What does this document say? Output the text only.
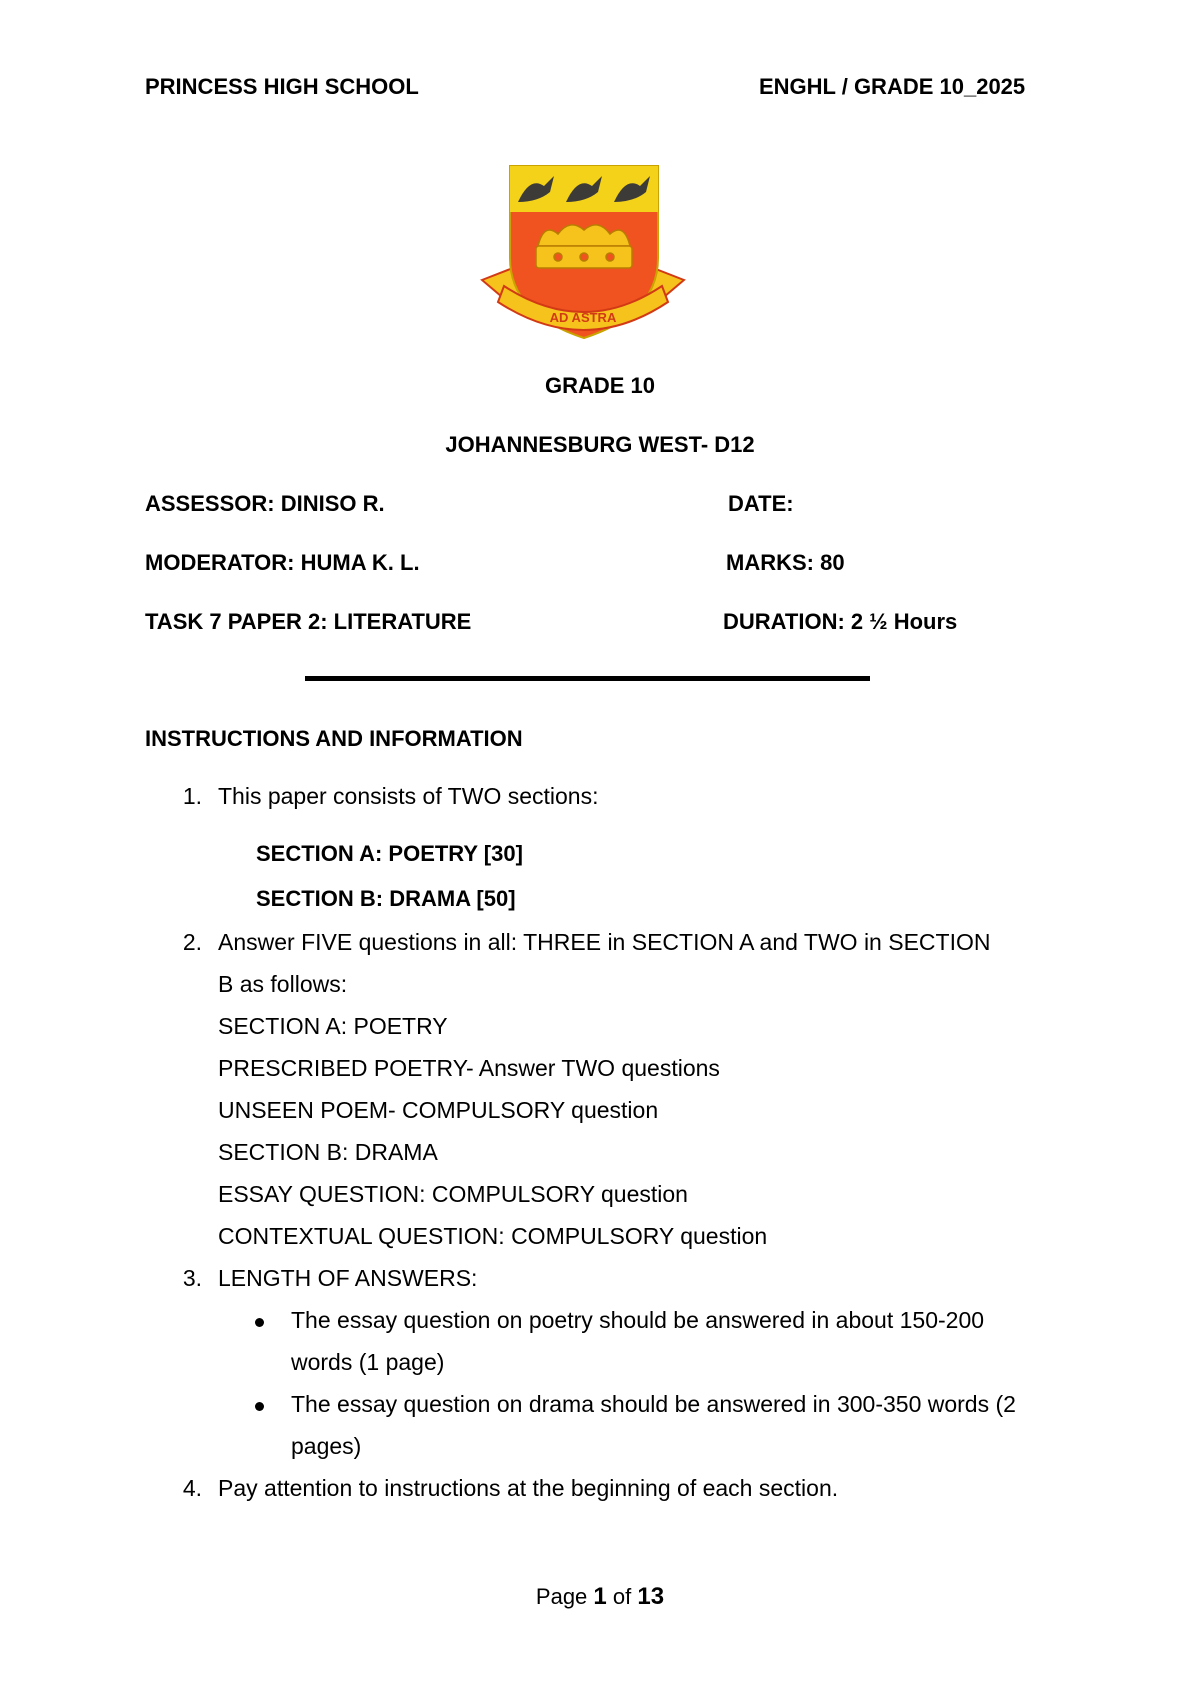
PRINCESS HIGH SCHOOL	ENGHL / GRADE 10_2025
AD ASTRA
GRADE 10
JOHANNESBURG WEST- D12
ASSESSOR: DINISO R.	DATE:
MODERATOR: HUMA K. L.	MARKS: 80
TASK 7 PAPER 2: LITERATURE	DURATION: 2 ½ Hours
INSTRUCTIONS AND INFORMATION
1. This paper consists of TWO sections:
SECTION A: POETRY [30]
SECTION B: DRAMA [50]
2. Answer FIVE questions in all: THREE in SECTION A and TWO in SECTION
B as follows:
SECTION A: POETRY
PRESCRIBED POETRY- Answer TWO questions
UNSEEN POEM- COMPULSORY question
SECTION B: DRAMA
ESSAY QUESTION: COMPULSORY question
CONTEXTUAL QUESTION: COMPULSORY question
3. LENGTH OF ANSWERS:
The essay question on poetry should be answered in about 150-200
words (1 page)
The essay question on drama should be answered in 300-350 words (2
pages)
4. Pay attention to instructions at the beginning of each section.
Page 1 of 13
